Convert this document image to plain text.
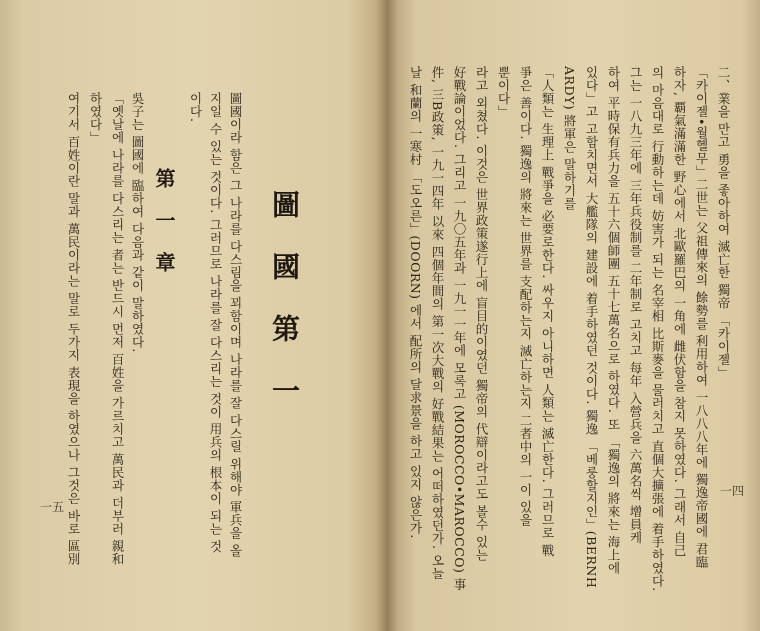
여기서 百姓이란 말과 萬民이라는 말로 두가지 表現을 하였으나 그것은 바로 區別 하였다」 「옛날에 나라를 다스리는 者는 반드시 먼저 百姓을 가르치고 萬民과 더부러 親和 吳子는 圖國에 臨하여 다음과 같이 말하였다. 第一章
이다. 지일 수 있는 것이다. 그러므로 나라를 잘 다스리는 것이 用兵의 根本이 되는 것 圖國이라 함은 그 나라를 다스림을 꾀함이며 나라를 잘 다스릴 위해야 軍兵을 올 圖國第一
一五	날 和蘭의 一寒村 「도오른」(DOORN) 에서 配所의 달求景을 하고 있지 않은가. 件, 三B政策, 一九一四年 以來 四個年間의 第一次大戰의 好戰結果는 어떠하였던가. 오늘 好戰論이었다. 그리고 一九〇五年과 一九一一年에 모록고 (MOROCCO•MAROCCO) 事 라고 외쳤다. 이것은 世界政策遂行上에 盲目的이였던 獨帝의 代辯이라고도 볼수 있는 뿐이다」 爭은 善이다. 獨逸의 將來는 世界를 支配하는지 滅亡하는지 二者中의 一이 있을 「人類는 生理上 戰爭을 必要로한다. 싸우지 아니하면 人類는 滅亡한다. 그러므로 戰 ARDY) 將軍은 말하기를 있다」고 고함치면서 大艦隊의 建設에 着手하였던 것이다. 獨逸 「베룽할지인」(BERNH 하여 平時保有兵力을 五十六個師團 五十七萬名으로 하였다. 또 「獨逸의 將來는 海上에 그는 一八九三年에 三年兵役制를 二年制로 고치고 每年 入營兵을 六萬名씩 增員케 의 마음대로 行動하는데 妨害가 되는 名宰相 比斯麥을 물러치고 直個大擴張에 着手하였다. 하자, 覇氣滿滿한 野心에서 北歐羅巴의 一角에 雌伏함을 참지 못하였다. 그래서 自己 「카이젤•월헬무」二世는 父祖傳來의 餘勢를 利用하여 一八八八年에 獨逸帝國에 君臨 二、業을 만고 勇을 좋아하여 滅亡한 獨帝 「카이젤」
一四
